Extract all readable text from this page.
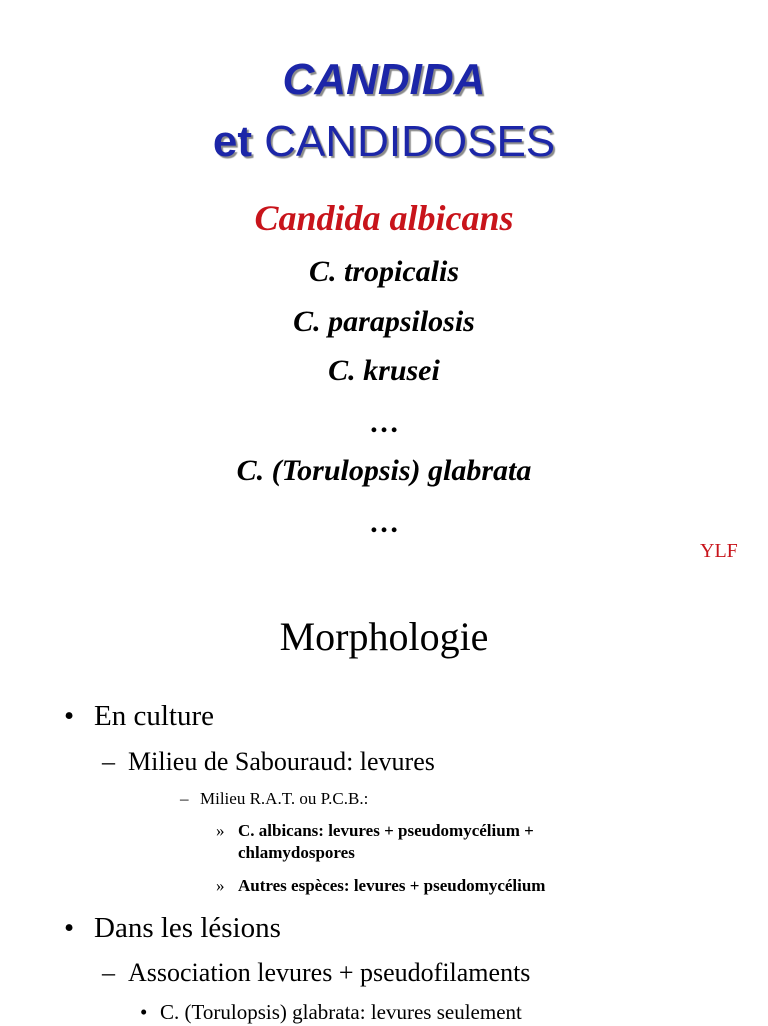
CANDIDA
et CANDIDOSES
Candida albicans
C. tropicalis
C. parapsilosis
C. krusei
…
C. (Torulopsis) glabrata
…
YLF
Morphologie
• En culture
– Milieu de Sabouraud: levures
– Milieu R.A.T. ou P.C.B.:
» C. albicans: levures + pseudomycélium +
chlamydospores
» Autres espèces: levures + pseudomycélium
• Dans les lésions
– Association levures + pseudofilaments
• C. (Torulopsis) glabrata: levures seulement
